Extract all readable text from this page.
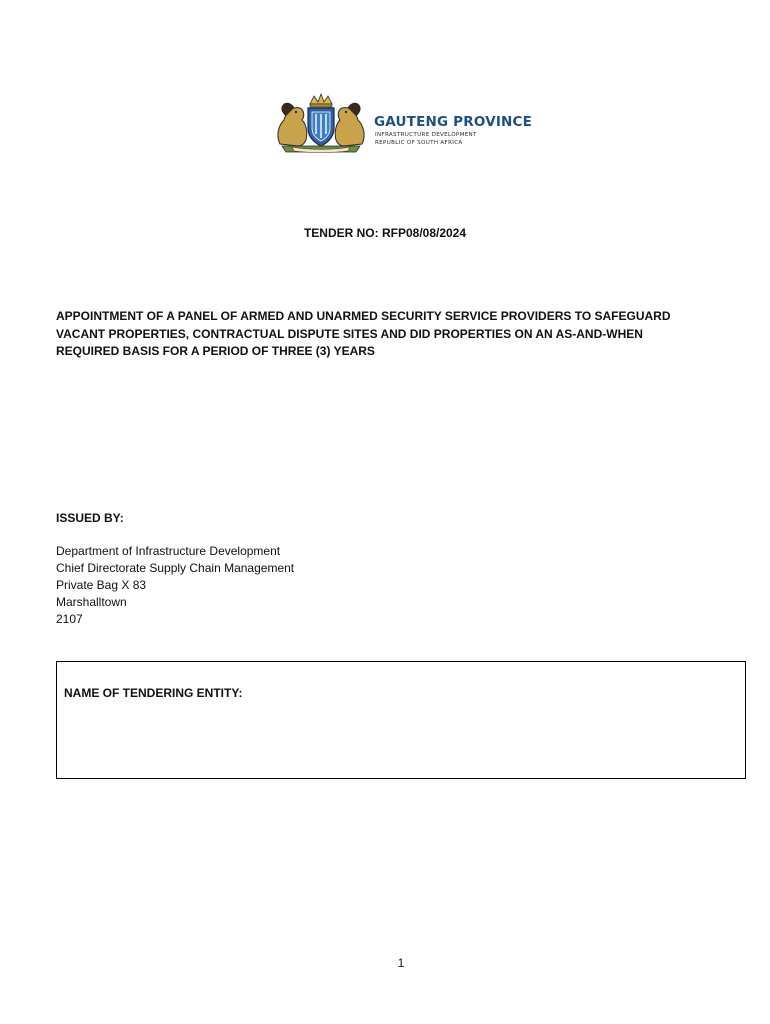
GAUTENG PROVINCE
INFRASTRUCTURE DEVELOPMENT
REPUBLIC OF SOUTH AFRICA
TENDER NO: RFP08/08/2024
APPOINTMENT OF A PANEL OF ARMED AND UNARMED SECURITY SERVICE PROVIDERS TO SAFEGUARD
VACANT PROPERTIES, CONTRACTUAL DISPUTE SITES AND DID PROPERTIES ON AN AS-AND-WHEN
REQUIRED BASIS FOR A PERIOD OF THREE (3) YEARS
ISSUED BY:
Department of Infrastructure Development
Chief Directorate Supply Chain Management
Private Bag X 83
Marshalltown
2107
NAME OF TENDERING ENTITY:
1
